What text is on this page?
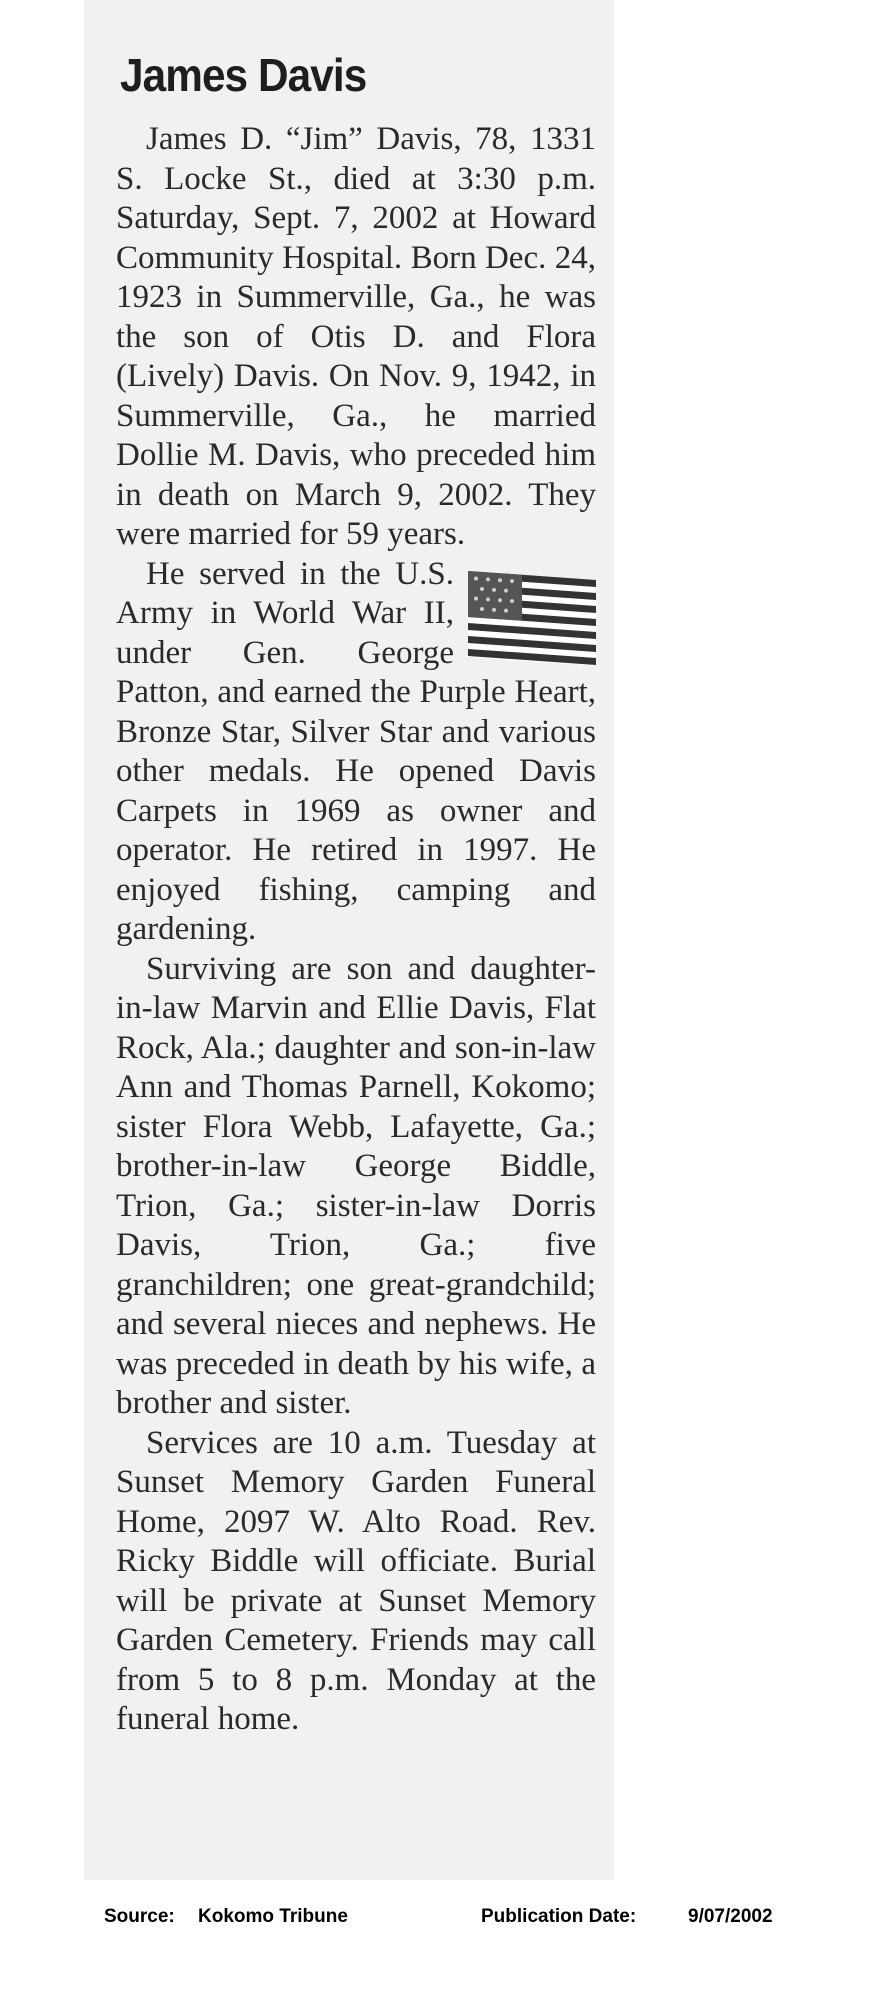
James Davis

James D. “Jim” Davis, 78, 1331 S. Locke St., died at 3:30 p.m. Saturday, Sept. 7, 2002 at Howard Community Hospital. Born Dec. 24, 1923 in Summerville, Ga., he was the son of Otis D. and Flora (Lively) Davis. On Nov. 9, 1942, in Summerville, Ga., he married Dollie M. Davis, who preceded him in death on March 9, 2002. They were married for 59 years.

He served in the U.S. Army in World War II, under Gen. George Patton, and earned the Purple Heart, Bronze Star, Silver Star and various other medals. He opened Davis Carpets in 1969 as owner and operator. He retired in 1997. He enjoyed fishing, camping and gardening.

Surviving are son and daughter-in-law Marvin and Ellie Davis, Flat Rock, Ala.; daughter and son-in-law Ann and Thomas Parnell, Kokomo; sister Flora Webb, Lafayette, Ga.; brother-in-law George Biddle, Trion, Ga.; sister-in-law Dorris Davis, Trion, Ga.; five granchildren; one great-grandchild; and several nieces and nephews. He was preceded in death by his wife, a brother and sister.

Services are 10 a.m. Tuesday at Sunset Memory Garden Funeral Home, 2097 W. Alto Road. Rev. Ricky Biddle will officiate. Burial will be private at Sunset Memory Garden Cemetery. Friends may call from 5 to 8 p.m. Monday at the funeral home.

Source: Kokomo Tribune	Publication Date:	9/07/2002
